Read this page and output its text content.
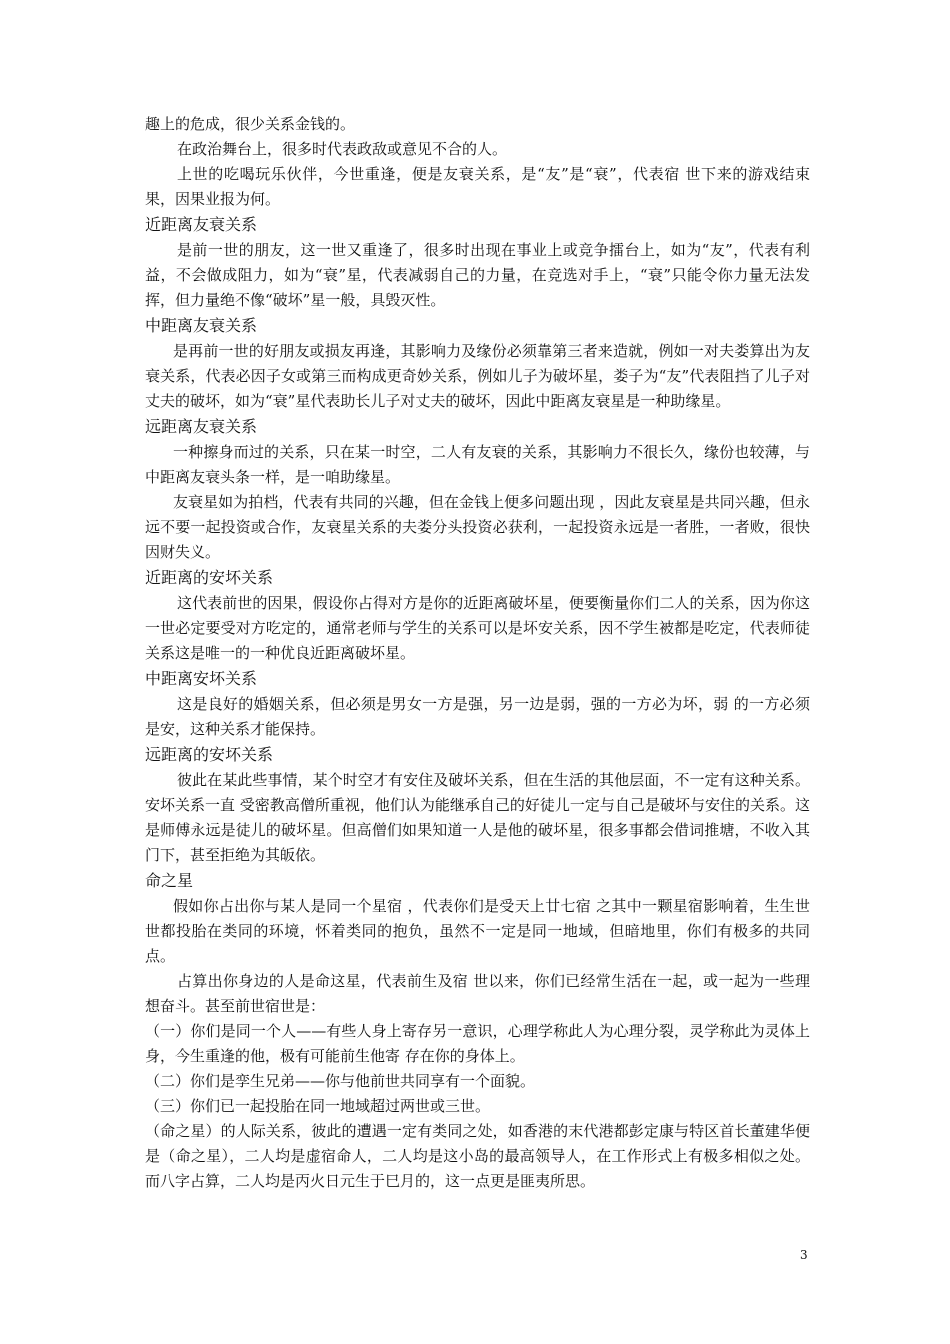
趣上的危成，很少关系金钱的。

在政治舞台上，很多时代表政敌或意见不合的人。

上世的吃喝玩乐伙伴，今世重逢，便是友衰关系，是“友”是“衰”，代表宿 世下来的游戏结束果，因果业报为何。

近距离友衰关系

是前一世的朋友，这一世又重逢了，很多时出现在事业上或竞争擂台上，如为“友”，代表有利益，不会做成阻力，如为“衰”星，代表减弱自己的力量，在竞选对手上，“衰”只能令你力量无法发挥，但力量绝不像“破坏”星一般，具毁灭性。

中距离友衰关系

是再前一世的好朋友或损友再逢，其影响力及缘份必须靠第三者来造就，例如一对夫娄算出为友衰关系，代表必因子女或第三而构成更奇妙关系，例如儿子为破坏星，娄子为“友”代表阻挡了儿子对丈夫的破坏，如为“衰”星代表助长儿子对丈夫的破坏，因此中距离友衰星是一种助缘星。

远距离友衰关系

一种擦身而过的关系，只在某一时空，二人有友衰的关系，其影响力不很长久，缘份也较薄，与中距离友衰头条一样，是一咱助缘星。

友衰星如为拍档，代表有共同的兴趣，但在金钱上便多问题出现 ，因此友衰星是共同兴趣，但永远不要一起投资或合作，友衰星关系的夫娄分头投资必获利，一起投资永远是一者胜，一者败，很快因财失义。

近距离的安坏关系

这代表前世的因果，假设你占得对方是你的近距离破坏星，便要衡量你们二人的关系，因为你这一世必定要受对方吃定的，通常老师与学生的关系可以是坏安关系，因不学生被都是吃定，代表师徒关系这是唯一的一种优良近距离破坏星。

中距离安坏关系

这是良好的婚姻关系，但必须是男女一方是强，另一边是弱，强的一方必为坏，弱 的一方必须是安，这种关系才能保持。

远距离的安坏关系

彼此在某此些事情，某个时空才有安住及破坏关系，但在生活的其他层面，不一定有这种关系。安坏关系一直 受密教高僧所重视，他们认为能继承自己的好徒儿一定与自己是破坏与安住的关系。这是师傅永远是徒儿的破坏星。但高僧们如果知道一人是他的破坏星，很多事都会借词推塘，不收入其门下，甚至拒绝为其皈依。

命之星

假如你占出你与某人是同一个星宿 ，代表你们是受天上廿七宿 之其中一颗星宿影响着，生生世世都投胎在类同的环境，怀着类同的抱负，虽然不一定是同一地域，但暗地里，你们有极多的共同点。

占算出你身边的人是命这星，代表前生及宿 世以来，你们已经常生活在一起，或一起为一些理想奋斗。甚至前世宿世是：

（一）你们是同一个人——有些人身上寄存另一意识，心理学称此人为心理分裂，灵学称此为灵体上身，今生重逢的他，极有可能前生他寄 存在你的身体上。

（二）你们是孪生兄弟——你与他前世共同享有一个面貌。

（三）你们已一起投胎在同一地域超过两世或三世。

（命之星）的人际关系，彼此的遭遇一定有类同之处，如香港的末代港都彭定康与特区首长董建华便是（命之星），二人均是虚宿命人，二人均是这小岛的最高领导人，在工作形式上有极多相似之处。而八字占算，二人均是丙火日元生于巳月的，这一点更是匪夷所思。

3
